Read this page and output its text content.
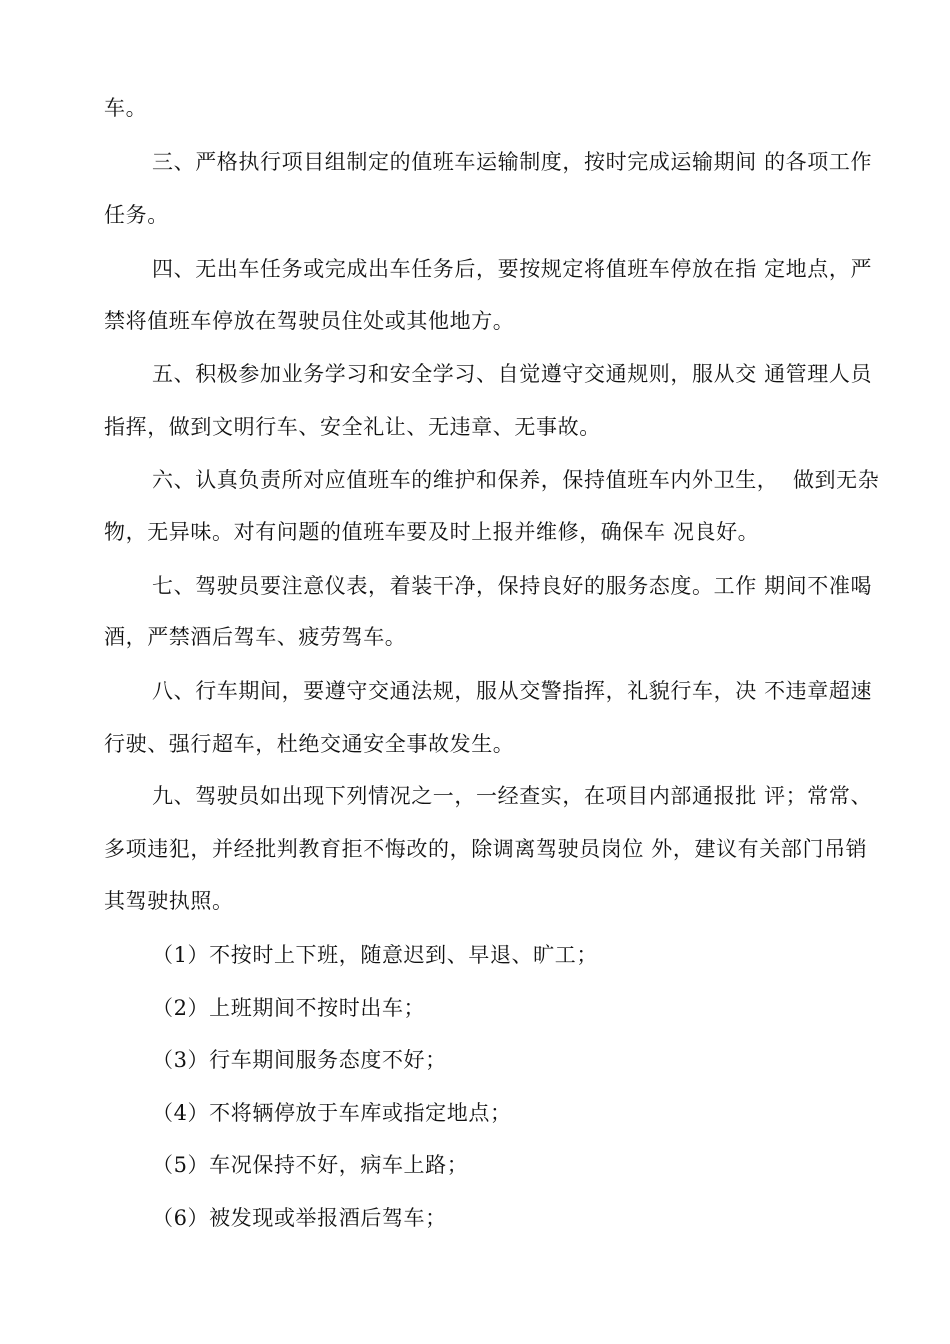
车。
三、严格执行项目组制定的值班车运输制度，按时完成运输期间 的各项工作
任务。
四、无出车任务或完成出车任务后，要按规定将值班车停放在指 定地点，严
禁将值班车停放在驾驶员住处或其他地方。
五、积极参加业务学习和安全学习、自觉遵守交通规则，服从交 通管理人员
指挥，做到文明行车、安全礼让、无违章、无事故。
六、认真负责所对应值班车的维护和保养，保持值班车内外卫生，  做到无杂
物，无异味。对有问题的值班车要及时上报并维修，确保车 况良好。
七、驾驶员要注意仪表，着装干净，保持良好的服务态度。工作 期间不准喝
酒，严禁酒后驾车、疲劳驾车。
八、行车期间，要遵守交通法规，服从交警指挥，礼貌行车，决 不违章超速
行驶、强行超车，杜绝交通安全事故发生。
九、驾驶员如出现下列情况之一，一经查实，在项目内部通报批 评；常常、
多项违犯，并经批判教育拒不悔改的，除调离驾驶员岗位 外，建议有关部门吊销
其驾驶执照。
（1）不按时上下班，随意迟到、早退、旷工；
（2）上班期间不按时出车；
（3）行车期间服务态度不好；
（4）不将辆停放于车库或指定地点；
（5）车况保持不好，病车上路；
（6）被发现或举报酒后驾车；
